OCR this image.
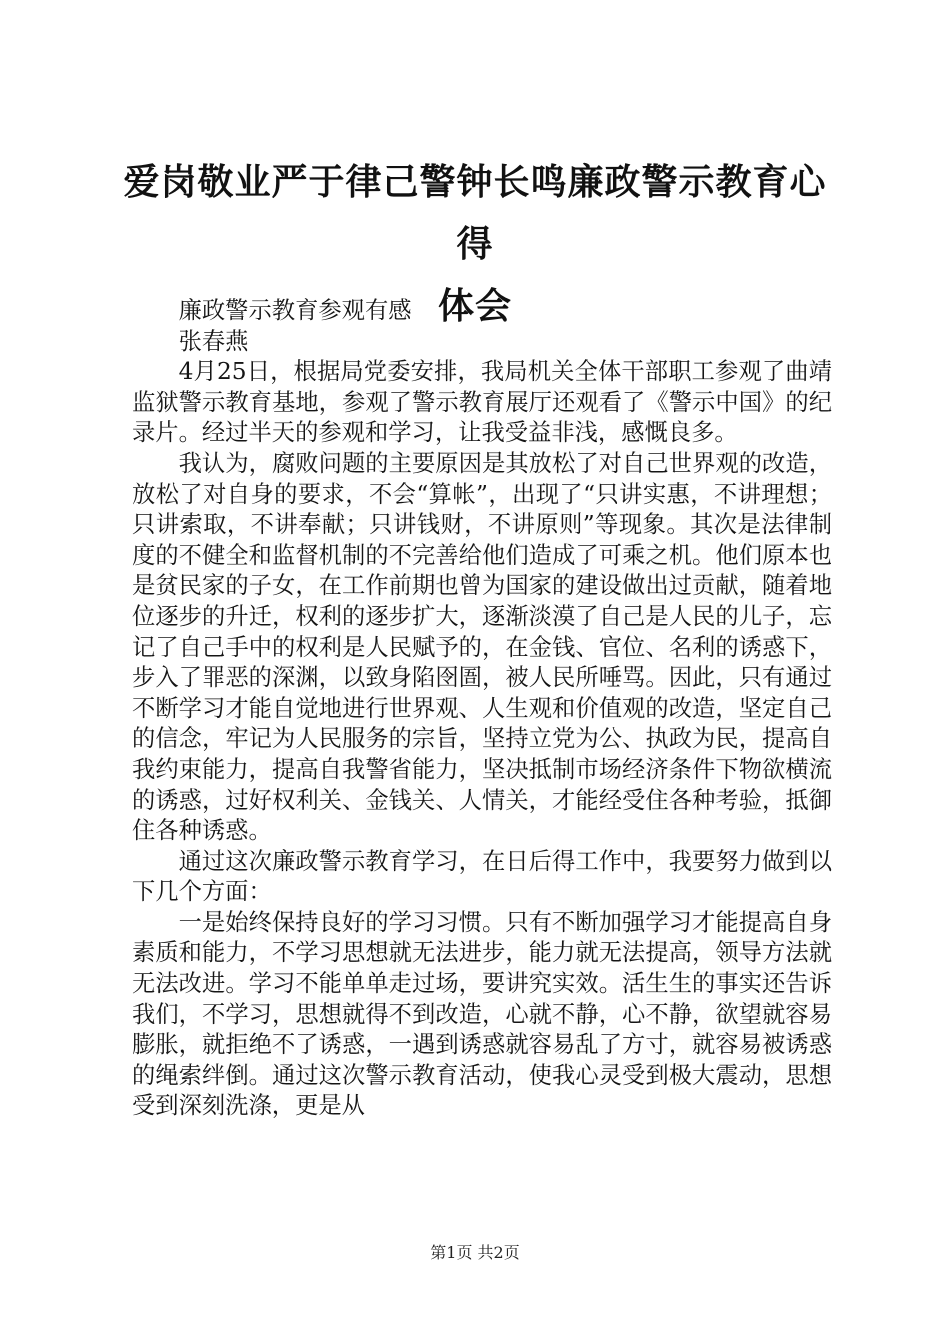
爱岗敬业严于律己警钟长鸣廉政警示教育心得
体会

廉政警示教育参观有感

张春燕

4月25日，根据局党委安排，我局机关全体干部职工参观了曲靖监狱警示教育基地，参观了警示教育展厅还观看了《警示中国》的纪录片。经过半天的参观和学习，让我受益非浅，感慨良多。

我认为，腐败问题的主要原因是其放松了对自己世界观的改造，放松了对自身的要求，不会“算帐”，出现了“只讲实惠，不讲理想；只讲索取，不讲奉献；只讲钱财，不讲原则”等现象。其次是法律制度的不健全和监督机制的不完善给他们造成了可乘之机。他们原本也是贫民家的子女，在工作前期也曾为国家的建设做出过贡献，随着地位逐步的升迁，权利的逐步扩大，逐渐淡漠了自己是人民的儿子，忘记了自己手中的权利是人民赋予的，在金钱、官位、名利的诱惑下，步入了罪恶的深渊，以致身陷囹圄，被人民所唾骂。因此，只有通过不断学习才能自觉地进行世界观、人生观和价值观的改造，坚定自己的信念，牢记为人民服务的宗旨，坚持立党为公、执政为民，提高自我约束能力，提高自我警省能力，坚决抵制市场经济条件下物欲横流的诱惑，过好权利关、金钱关、人情关，才能经受住各种考验，抵御住各种诱惑。

通过这次廉政警示教育学习，在日后得工作中，我要努力做到以下几个方面：

一是始终保持良好的学习习惯。只有不断加强学习才能提高自身素质和能力，不学习思想就无法进步，能力就无法提高，领导方法就无法改进。学习不能单单走过场，要讲究实效。活生生的事实还告诉我们，不学习，思想就得不到改造，心就不静，心不静，欲望就容易膨胀，就拒绝不了诱惑，一遇到诱惑就容易乱了方寸，就容易被诱惑的绳索绊倒。通过这次警示教育活动，使我心灵受到极大震动，思想受到深刻洗涤，更是从

第1页 共2页
